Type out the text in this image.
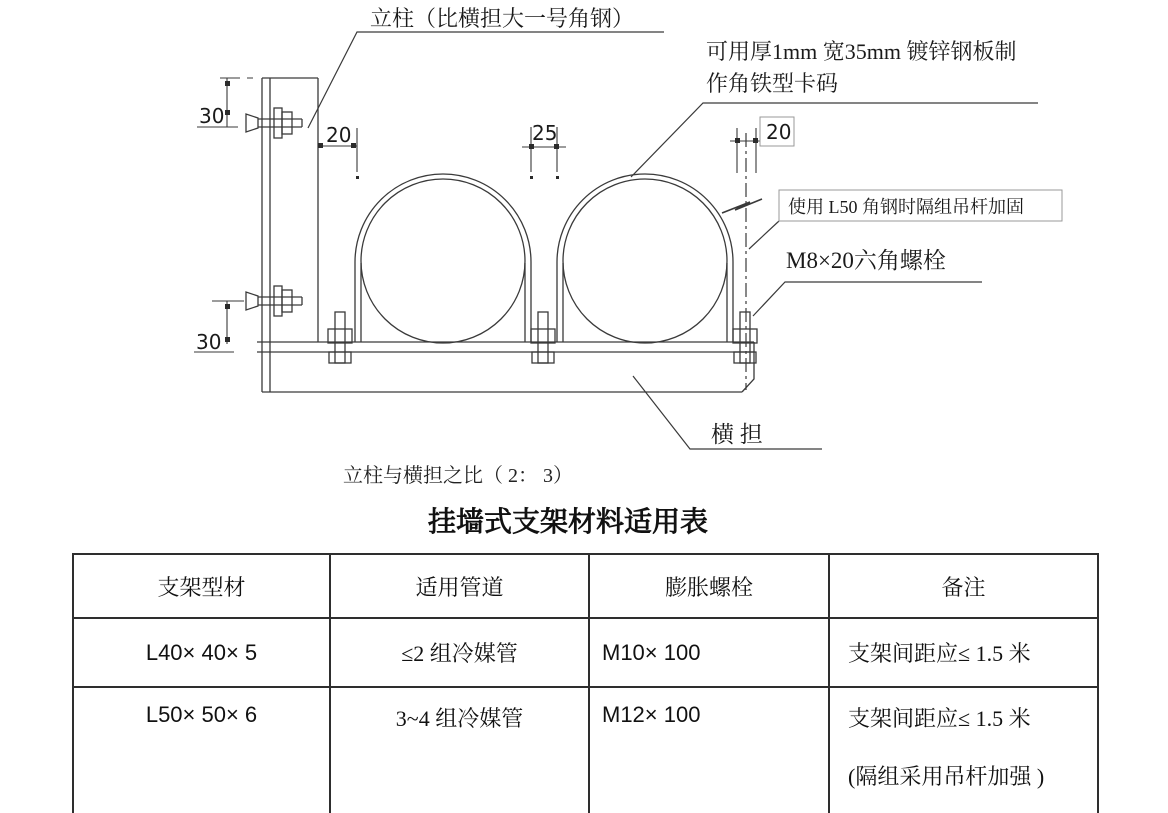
30
20	25	20
30
立柱（比横担大一号角钢）
可用厚1mm 宽35mm 镀锌钢板制
作角铁型卡码
使用 L50 角钢时隔组吊杆加固
M8×20六角螺栓
横 担
立柱与横担之比（ 2： 3）
挂墙式支架材料适用表
支架型材	适用管道	膨胀螺栓	备注
L40× 40× 5	≤2 组冷媒管	M10× 100	支架间距应≤ 1.5 米
L50× 50× 6	3~4 组冷媒管	M12× 100	支架间距应≤ 1.5 米
(隔组采用吊杆加强 )
